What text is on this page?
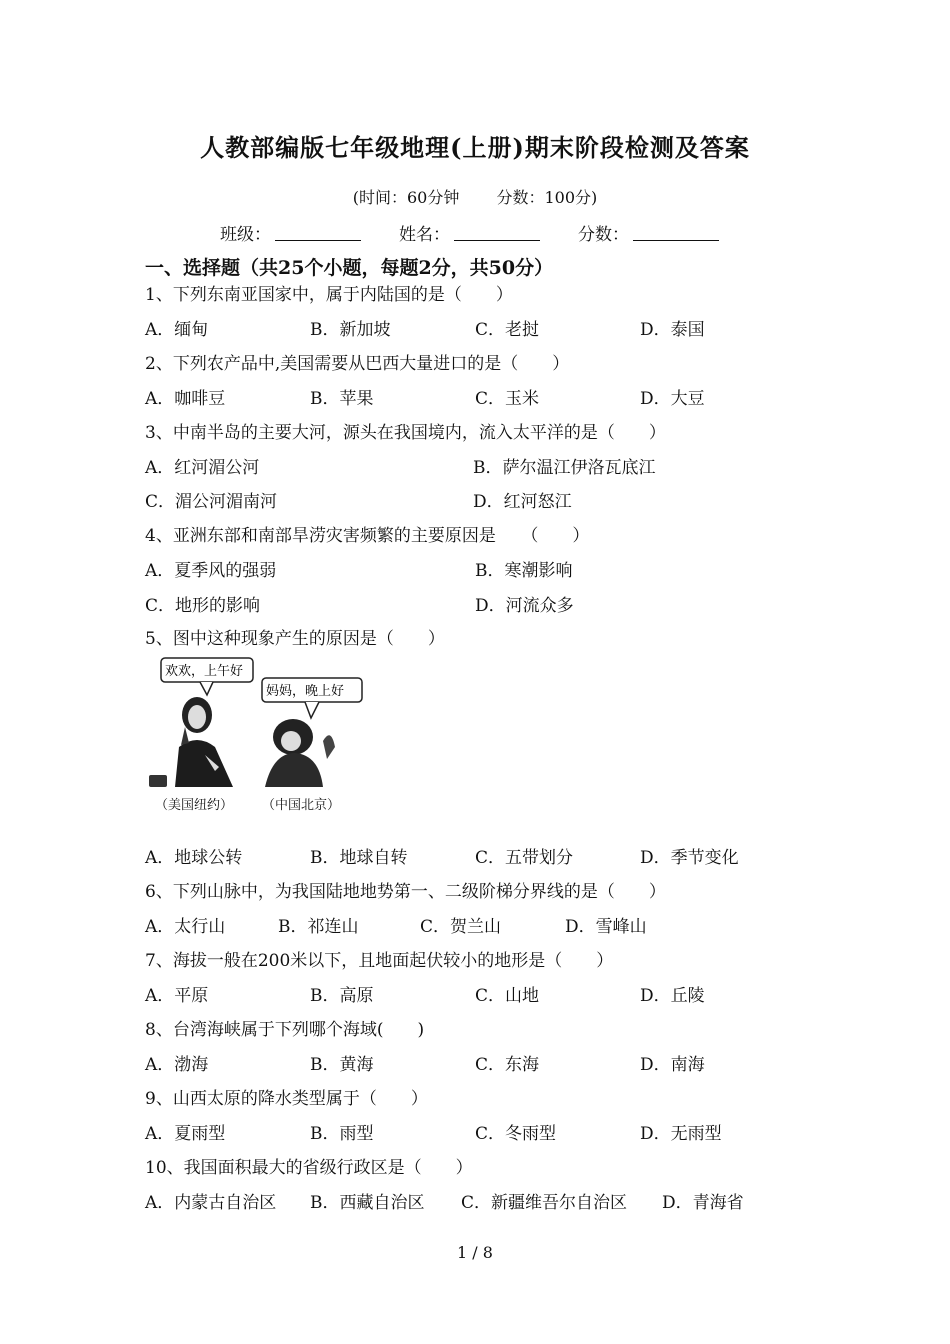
人教部编版七年级地理(上册)期末阶段检测及答案
(时间：60分钟 分数：100分)
班级：	姓名：	分数：
一、选择题（共25个小题，每题2分，共50分）
1、下列东南亚国家中，属于内陆国的是（　　）
A．缅甸	B．新加坡	C．老挝	D．泰国
2、下列农产品中,美国需要从巴西大量进口的是（　　）
A．咖啡豆	B．苹果	C．玉米	D．大豆
3、中南半岛的主要大河，源头在我国境内，流入太平洋的是（　　）
A．红河湄公河	B．萨尔温江伊洛瓦底江
C．湄公河湄南河	D．红河怒江
4、亚洲东部和南部旱涝灾害频繁的主要原因是　　（　　）
A．夏季风的强弱	B．寒潮影响
C．地形的影响	D．河流众多
5、图中这种现象产生的原因是（　　）
欢欢，上午好
妈妈，晚上好
（美国纽约） （中国北京）
A．地球公转	B．地球自转	C．五带划分	D．季节变化
6、下列山脉中，为我国陆地地势第一、二级阶梯分界线的是（　　）
A．太行山	B．祁连山	C．贺兰山	D．雪峰山
7、海拔一般在200米以下，且地面起伏较小的地形是（　　）
A．平原	B．高原	C．山地	D．丘陵
8、台湾海峡属于下列哪个海域(　　)
A．渤海	B．黄海	C．东海	D．南海
9、山西太原的降水类型属于（　　）
A．夏雨型	B．雨型	C．冬雨型	D．无雨型
10、我国面积最大的省级行政区是（　　）
A．内蒙古自治区 B．西藏自治区 C．新疆维吾尔自治区 D．青海省
1 / 8
